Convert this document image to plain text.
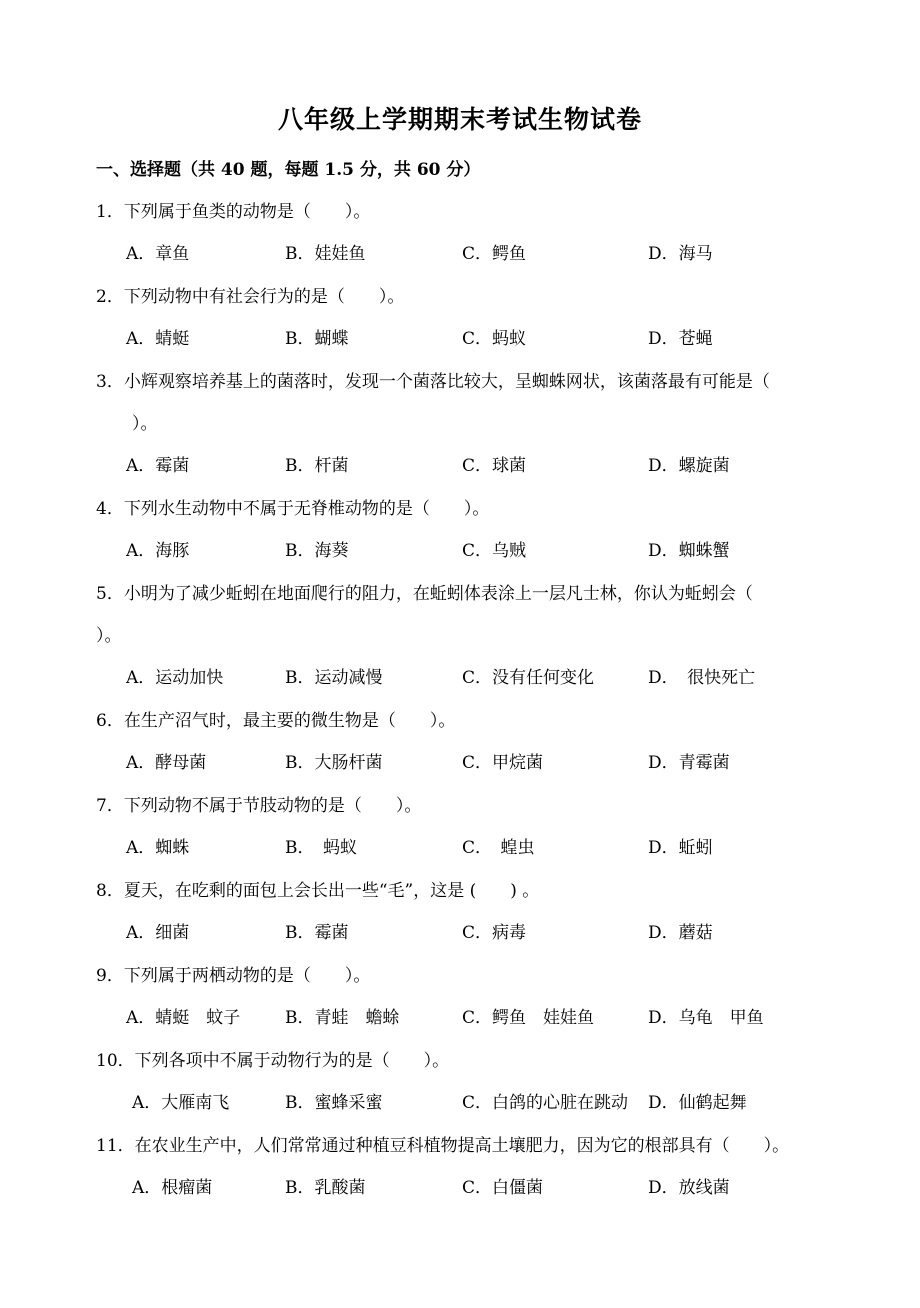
八年级上学期期末考试生物试卷
一、选择题（共 40 题，每题 1.5 分，共 60 分）
1．下列属于鱼类的动物是（　　）。
A．章鱼	B．娃娃鱼	C．鳄鱼	D．海马
2．下列动物中有社会行为的是（　　）。
A．蜻蜓	B．蝴蝶	C．蚂蚁	D．苍蝇
3．小辉观察培养基上的菌落时，发现一个菌落比较大，呈蜘蛛网状，该菌落最有可能是（
）。
A．霉菌	B．杆菌	C．球菌	D．螺旋菌
4．下列水生动物中不属于无脊椎动物的是（　　）。
A．海豚	B．海葵	C．乌贼	D．蜘蛛蟹
5．小明为了减少蚯蚓在地面爬行的阻力，在蚯蚓体表涂上一层凡士林，你认为蚯蚓会（
）。
A．运动加快	B．运动减慢	C．没有任何变化	D．　很快死亡
6．在生产沼气时，最主要的微生物是（　　）。
A．酵母菌	B．大肠杆菌	C．甲烷菌	D．青霉菌
7．下列动物不属于节肢动物的是（　　）。
A．蜘蛛	B．　蚂蚁	C．　蝗虫	D．蚯蚓
8．夏天，在吃剩的面包上会长出一些“毛”，这是 (　　) 。
A．细菌	B．霉菌	C．病毒	D．蘑菇
9．下列属于两栖动物的是（　　）。
A．蜻蜓　蚊子	B．青蛙　蟾蜍	C．鳄鱼　娃娃鱼	D．乌龟　甲鱼
10．下列各项中不属于动物行为的是（　　）。
A．大雁南飞	B．蜜蜂采蜜	C．白鸽的心脏在跳动 D．仙鹤起舞
11．在农业生产中，人们常常通过种植豆科植物提高土壤肥力，因为它的根部具有（　　）。
A．根瘤菌	B．乳酸菌	C．白僵菌	D．放线菌
